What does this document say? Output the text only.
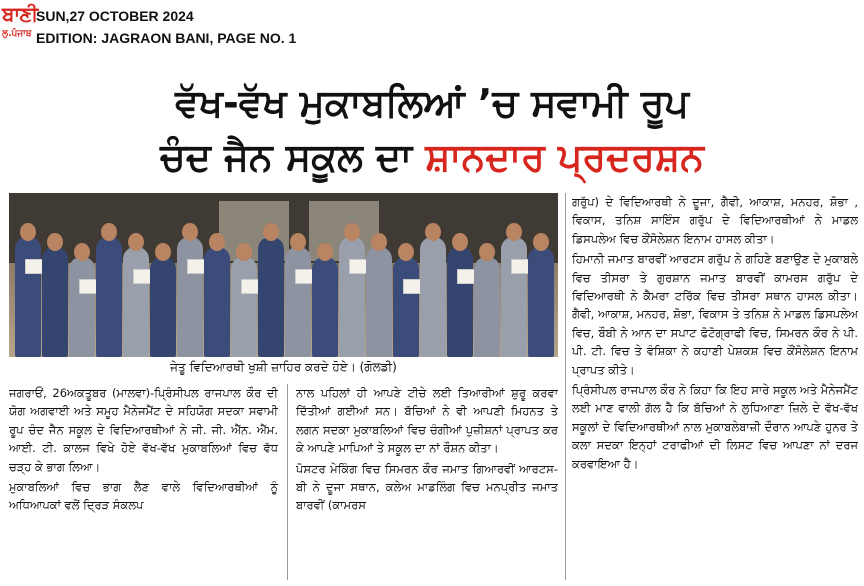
ਬਾਣੀ
ਲੁ.ਪੰਜਾਬ
SUN,27 OCTOBER 2024
EDITION: JAGRAON BANI, PAGE NO. 1
ਵੱਖ-ਵੱਖ ਮੁਕਾਬਲਿਆਂ ’ਚ ਸਵਾਮੀ ਰੂਪ
ਚੰਦ ਜੈਨ ਸਕੂਲ ਦਾ ਸ਼ਾਨਦਾਰ ਪ੍ਰਦਰਸ਼ਨ
ਜੇਤੂ ਵਿਦਿਆਰਥੀ ਖੁਸ਼ੀ ਜ਼ਾਹਿਰ ਕਰਦੇ ਹੋਏ। (ਗੋਲਡੀ)

ਜਗਰਾਓਂ, 26ਅਕਤੂਬਰ (ਮਾਲਵਾ)-ਪ੍ਰਿੰਸੀਪਲ ਰਾਜਪਾਲ ਕੌਰ ਦੀ ਯੋਗ ਅਗਵਾਈ ਅਤੇ ਸਮੂਹ ਮੈਨੇਜਮੈਂਟ ਦੇ ਸਹਿਯੋਗ ਸਦਕਾ ਸਵਾਮੀ ਰੂਪ ਚੰਦ ਜੈਨ ਸਕੂਲ ਦੇ ਵਿਦਿਆਰਥੀਆਂ ਨੇ ਜੀ. ਜੀ. ਐੱਨ. ਐੱਮ. ਆਈ. ਟੀ. ਕਾਲਜ ਵਿਖੇ ਹੋਏ ਵੱਖ-ਵੱਖ ਮੁਕਾਬਲਿਆਂ ਵਿਚ ਵੱਧ ਚੜ੍ਹ ਕੇ ਭਾਗ ਲਿਆ।

ਮੁਕਾਬਲਿਆਂ ਵਿਚ ਭਾਗ ਲੈਣ ਵਾਲੇ ਵਿਦਿਆਰਥੀਆਂ ਨੂੰ ਅਧਿਆਪਕਾਂ ਵਲੋਂ ਦ੍ਰਿੜ ਸੰਕਲਪ

ਨਾਲ ਪਹਿਲਾਂ ਹੀ ਆਪਣੇ ਟੀਚੇ ਲਈ ਤਿਆਰੀਆਂ ਸ਼ੁਰੂ ਕਰਵਾ ਦਿੱਤੀਆਂ ਗਈਆਂ ਸਨ। ਬੱਚਿਆਂ ਨੇ ਵੀ ਆਪਣੀ ਮਿਹਨਤ ਤੇ ਲਗਨ ਸਦਕਾ ਮੁਕਾਬਲਿਆਂ ਵਿਚ ਚੰਗੀਆਂ ਪੁਜ਼ੀਸ਼ਨਾਂ ਪ੍ਰਾਪਤ ਕਰ ਕੇ ਆਪਣੇ ਮਾਪਿਆਂ ਤੇ ਸਕੂਲ ਦਾ ਨਾਂ ਰੌਸ਼ਨ ਕੀਤਾ।

ਪੋਸਟਰ ਮੇਕਿੰਗ ਵਿਚ ਸਿਮਰਨ ਕੌਰ ਜਮਾਤ ਗਿਆਰਵੀਂ ਆਰਟਸ-ਬੀ ਨੇ ਦੂਜਾ ਸਥਾਨ, ਕਲੇਅ ਮਾਡਲਿੰਗ ਵਿਚ ਮਨਪ੍ਰੀਤ ਜਮਾਤ ਬਾਰਵੀਂ (ਕਾਮਰਸ

ਗਰੁੱਪ) ਦੇ ਵਿਦਿਆਰਥੀ ਨੇ ਦੂਜਾ, ਗੈਵੀ, ਆਕਾਸ਼, ਮਨਹਰ, ਸ਼ੋਭਾ , ਵਿਕਾਸ, ਤਨਿਸ਼ ਸਾਇੰਸ ਗਰੁੱਪ ਦੇ ਵਿਦਿਆਰਥੀਆਂ ਨੇ ਮਾਡਲ ਡਿਸਪਲੇਅ ਵਿਚ ਕੌਂਸੋਲੇਸ਼ਨ ਇਨਾਮ ਹਾਸਲ ਕੀਤਾ।

ਹਿਮਾਨੀ ਜਮਾਤ ਬਾਰਵੀਂ ਆਰਟਸ ਗਰੁੱਪ ਨੇ ਗਹਿਣੇ ਬਣਾਉਣ ਦੇ ਮੁਕਾਬਲੇ ਵਿਚ ਤੀਸਰਾ ਤੇ ਗੁਰਸ਼ਾਨ ਜਮਾਤ ਬਾਰਵੀਂ ਕਾਮਰਸ ਗਰੁੱਪ ਦੇ ਵਿਦਿਆਰਥੀ ਨੇ ਕੈਮਰਾ ਟਰਿੱਕ ਵਿਚ ਤੀਸਰਾ ਸਥਾਨ ਹਾਸਲ ਕੀਤਾ। ਗੈਵੀ, ਆਕਾਸ਼, ਮਨਹਰ, ਸ਼ੋਭਾ, ਵਿਕਾਸ ਤੇ ਤਨਿਸ਼ ਨੇ ਮਾਡਲ ਡਿਸਪਲੇਅ ਵਿਚ, ਬੌਬੀ ਨੇ ਆਨ ਦਾ ਸਪਾਟ ਫੋਟੋਗ੍ਰਾਫੀ ਵਿਚ, ਸਿਮਰਨ ਕੌਰ ਨੇ ਪੀ. ਪੀ. ਟੀ. ਵਿਚ ਤੇ ਵੰਸ਼ਿਕਾ ਨੇ ਕਹਾਣੀ ਪੇਸ਼ਕਸ਼ ਵਿਚ ਕੌਂਸੋਲੇਸ਼ਨ ਇਨਾਮ ਪ੍ਰਾਪਤ ਕੀਤੇ।

ਪ੍ਰਿੰਸੀਪਲ ਰਾਜਪਾਲ ਕੌਰ ਨੇ ਕਿਹਾ ਕਿ ਇਹ ਸਾਰੇ ਸਕੂਲ ਅਤੇ ਮੈਨੇਜਮੈਂਟ ਲਈ ਮਾਣ ਵਾਲੀ ਗੱਲ ਹੈ ਕਿ ਬੱਚਿਆਂ ਨੇ ਲੁਧਿਆਣਾ ਜ਼ਿਲੇ ਦੇ ਵੱਖ-ਵੱਖ ਸਕੂਲਾਂ ਦੇ ਵਿਦਿਆਰਥੀਆਂ ਨਾਲ ਮੁਕਾਬਲੇਬਾਜ਼ੀ ਦੌਰਾਨ ਆਪਣੇ ਹੁਨਰ ਤੇ ਕਲਾ ਸਦਕਾ ਇਨ੍ਹਾਂ ਟਰਾਫੀਆਂ ਦੀ ਲਿਸਟ ਵਿਚ ਆਪਣਾ ਨਾਂ ਦਰਜ ਕਰਵਾਇਆ ਹੈ।
